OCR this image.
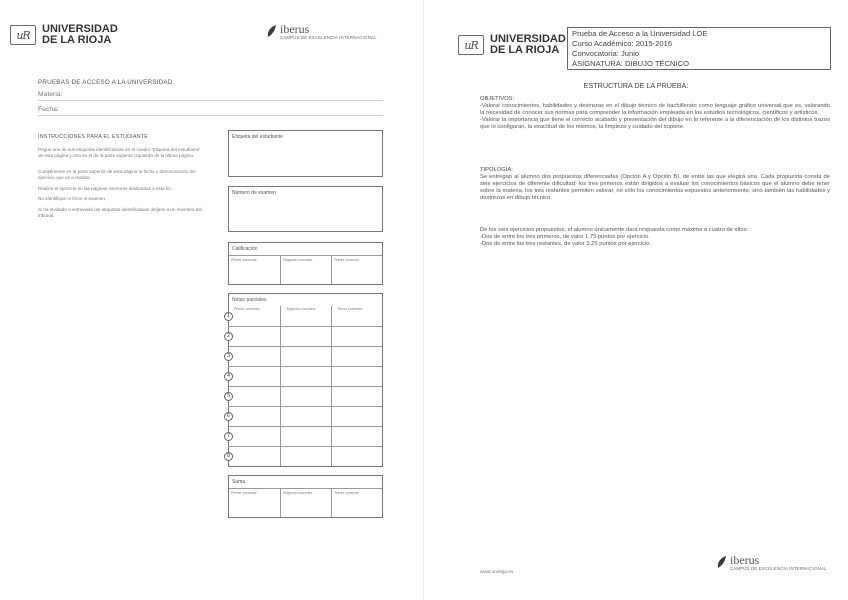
uR	UNIVERSIDAD
DE LA RIOJA
iberus
CAMPUS DE EXCELENCIA INTERNACIONAL
PRUEBAS DE ACCESO A LA UNIVERSIDAD
Materia:
Fecha:
INSTRUCCIONES PARA EL ESTUDIANTE
Pegue una de sus etiquetas identificativas en el cuadro 'Etiqueta del estudiante' de esta página y otra en el de la parte superior izquierda de la última página.
Cumplimente en la parte superior de esta página la fecha y denominación del ejercicio que va a realizar.
Realice el ejercicio en las páginas interiores destinadas a este fin.
No identifique ni firme el examen.
Si ha olvidado o extraviado las etiquetas identificativas diríjase a un miembro del tribunal.
Etiqueta del estudiante
Número de examen
Calificación
Primer corrector	Segundo corrector	Tercer corrector
Notas parciales
Primer corrector	Segundo corrector	Tercer corrector
1
2
3
4
5
6
7
8
Suma
Primer corrector	Segundo corrector	Tercer corrector
uR	UNIVERSIDAD
DE LA RIOJA
Prueba de Acceso a la Universidad LOE
Curso Académico: 2015-2016
Convocatoria: Junio
ASIGNATURA: DIBUJO TÉCNICO
ESTRUCTURA DE LA PRUEBA:
OBJETIVOS:
-Valorar conocimientos, habilidades y destrezas en el dibujo técnico de bachillerato como lenguaje gráfico universal que es, valorando la necesidad de conocer sus normas para comprender la información empleada en los estudios tecnológicos, científicos y artísticos.
-Valorar la importancia que tiene el correcto acabado y presentación del dibujo en lo referente a la diferenciación de los distintos trazos que lo configuran, la exactitud de los mismos, la limpieza y cuidado del soporte.
TIPOLOGÍA:
Se entregan al alumno dos propuestas diferenciadas (Opción A y Opción B), de entre las que elegirá una. Cada propuesta consta de seis ejercicios de diferente dificultad: los tres primeros están dirigidos a evaluar los conocimientos básicos que el alumno debe tener sobre la materia, los tres restantes permiten valorar, no sólo los conocimientos expuestos anteriormente, sino también las habilidades y destrezas en dibujo técnico.
De los seis ejercicios propuestos, el alumno únicamente dará respuesta como máximo a cuatro de ellos:
-Dos de entre los tres primeros, de valor 1.75 puntos por ejercicio.
-Dos de entre los tres restantes, de valor 3.25 puntos por ejercicio.
www.unirioja.es
iberus
CAMPUS DE EXCELENCIA INTERNACIONAL
